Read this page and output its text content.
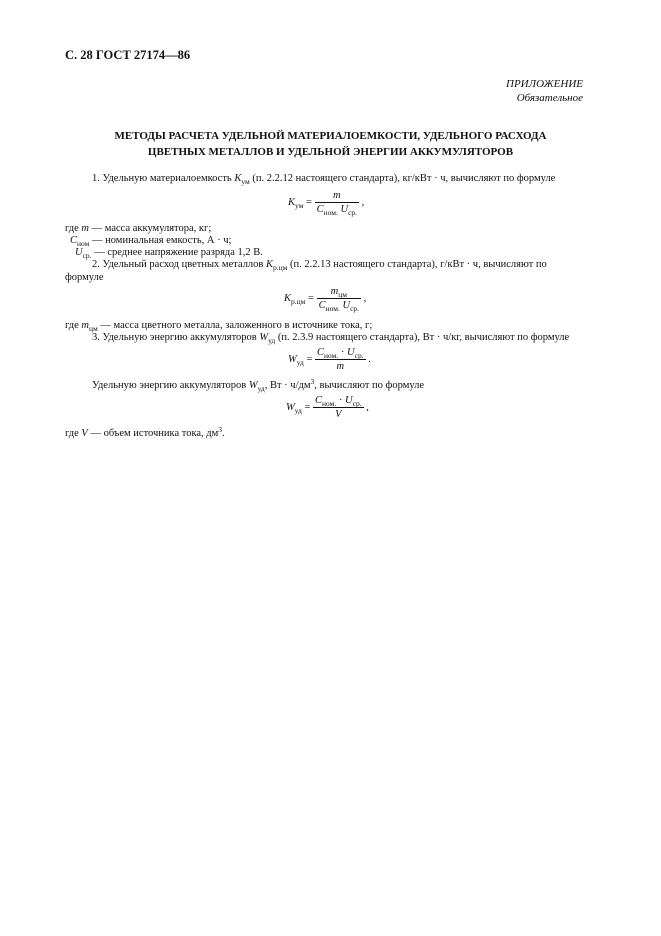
С. 28 ГОСТ 27174—86
ПРИЛОЖЕНИЕ
Обязательное
МЕТОДЫ РАСЧЕТА УДЕЛЬНОЙ МАТЕРИАЛОЕМКОСТИ, УДЕЛЬНОГО РАСХОДА
ЦВЕТНЫХ МЕТАЛЛОВ И УДЕЛЬНОЙ ЭНЕРГИИ АККУМУЛЯТОРОВ
1. Удельную материалоемкость $K_{ум}$ (п. 2.2.12 настоящего стандарта), кг/кВт · ч, вычисляют по формуле
$K_{ум} = \frac{m}{C_{ном.} U_{ср.}}$ ,
где m — масса аккумулятора, кг;
$C_{ном}$ — номинальная емкость, А · ч;
$U_{ср.}$ — среднее напряжение разряда 1,2 В.
2. Удельный расход цветных металлов $K_{р.цм}$ (п. 2.2.13 настоящего стандарта), г/кВт · ч, вычисляют по
формуле
$K_{р.цм} = \frac{m_{цм}}{C_{ном.} U_{ср.}}$ ,
где $m_{цм}$ — масса цветного металла, заложенного в источнике тока, г;
3. Удельную энергию аккумуляторов $W_{уд}$ (п. 2.3.9 настоящего стандарта), Вт · ч/кг, вычисляют по формуле
$W_{уд} = \frac{C_{ном.} \cdot U_{ср.}}{m}$ .
Удельную энергию аккумуляторов $W_{уд}$, Вт · $ч/дм^3$, вычисляют по формуле
$W_{уд} = \frac{C_{ном.} \cdot U_{ср.}}{V}$ ,
где V — объем источника тока, $дм^3$.
